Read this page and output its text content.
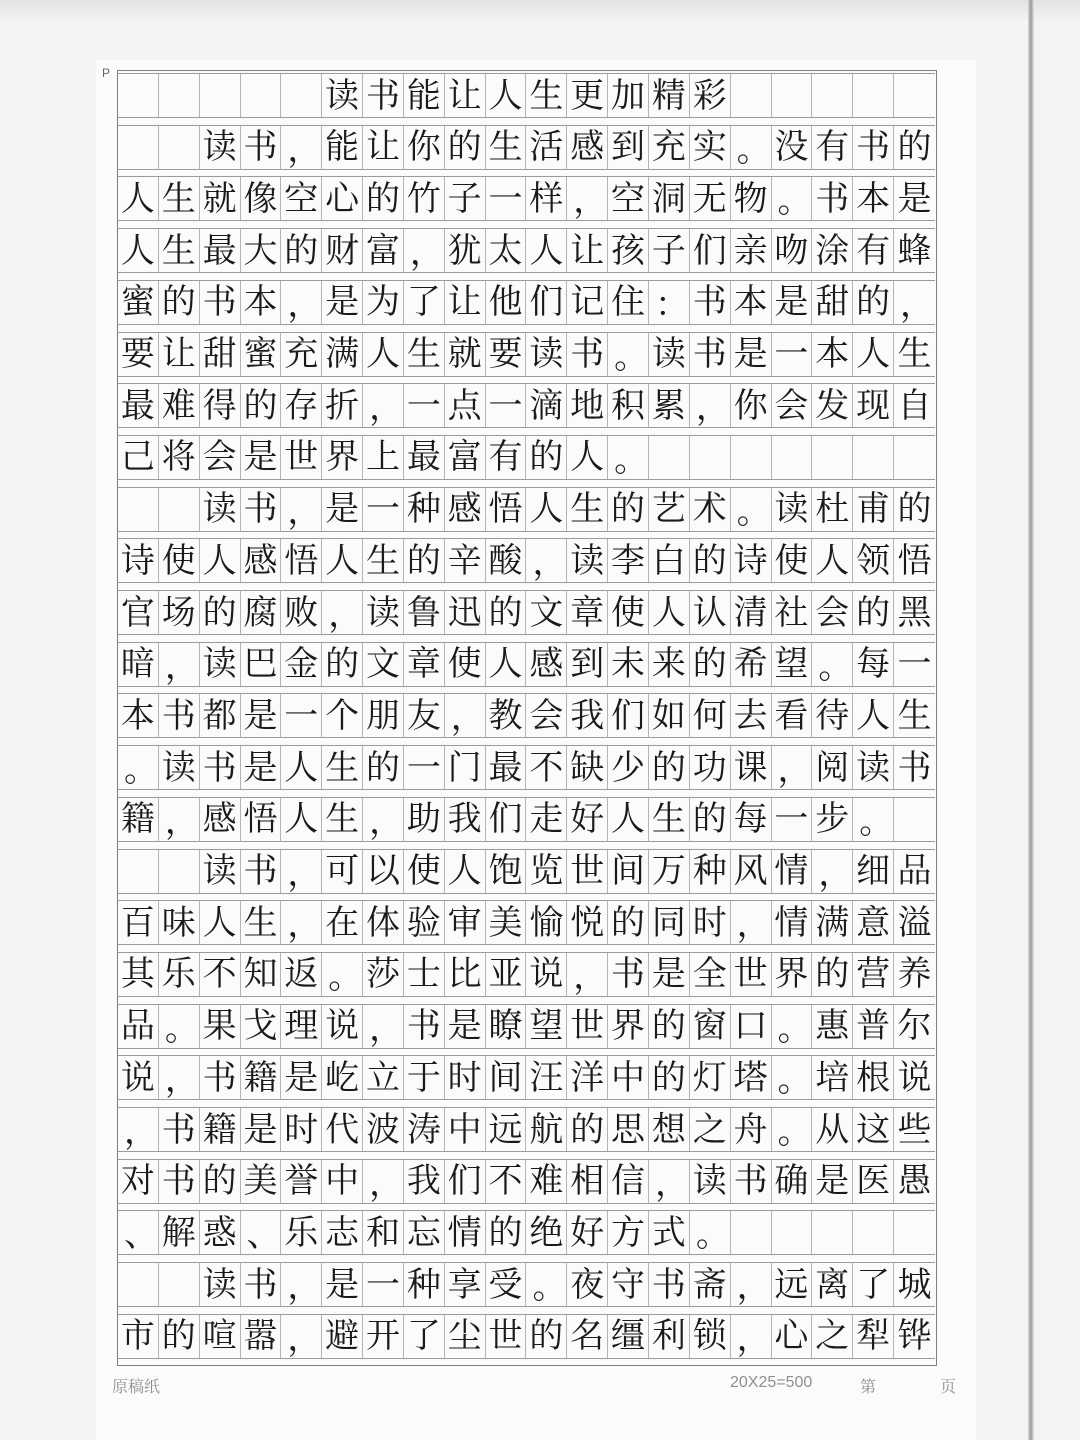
P
读 书 能 让 人 生 更 加 精 彩
读 书 ， 能 让 你 的 生 活 感 到 充 实 。 没 有 书 的
人 生 就 像 空 心 的 竹 子 一 样 ， 空 洞 无 物 。 书 本 是
人 生 最 大 的 财 富 ， 犹 太 人 让 孩 子 们 亲 吻 涂 有 蜂
蜜 的 书 本 ， 是 为 了 让 他 们 记 住 ： 书 本 是 甜 的 ，
要 让 甜 蜜 充 满 人 生 就 要 读 书 。 读 书 是 一 本 人 生
最 难 得 的 存 折 ， 一 点 一 滴 地 积 累 ， 你 会 发 现 自
己 将 会 是 世 界 上 最 富 有 的 人 。
读 书 ， 是 一 种 感 悟 人 生 的 艺 术 。 读 杜 甫 的
诗 使 人 感 悟 人 生 的 辛 酸 ， 读 李 白 的 诗 使 人 领 悟
官 场 的 腐 败 ， 读 鲁 迅 的 文 章 使 人 认 清 社 会 的 黑
暗 ， 读 巴 金 的 文 章 使 人 感 到 未 来 的 希 望 。 每 一
本 书 都 是 一 个 朋 友 ， 教 会 我 们 如 何 去 看 待 人 生
。 读 书 是 人 生 的 一 门 最 不 缺 少 的 功 课 ， 阅 读 书
籍 ， 感 悟 人 生 ， 助 我 们 走 好 人 生 的 每 一 步 。
读 书 ， 可 以 使 人 饱 览 世 间 万 种 风 情 ， 细 品
百 味 人 生 ， 在 体 验 审 美 愉 悦 的 同 时 ， 情 满 意 溢
其 乐 不 知 返 。 莎 士 比 亚 说 ， 书 是 全 世 界 的 营 养
品 。 果 戈 理 说 ， 书 是 瞭 望 世 界 的 窗 口 。 惠 普 尔
说 ， 书 籍 是 屹 立 于 时 间 汪 洋 中 的 灯 塔 。 培 根 说
， 书 籍 是 时 代 波 涛 中 远 航 的 思 想 之 舟 。 从 这 些
对 书 的 美 誉 中 ， 我 们 不 难 相 信 ， 读 书 确 是 医 愚
、 解 惑 、 乐 志 和 忘 情 的 绝 好 方 式 。
读 书 ， 是 一 种 享 受 。 夜 守 书 斋 ， 远 离 了 城
市 的 喧 嚣 ， 避 开 了 尘 世 的 名 缰 利 锁 ， 心 之 犁 铧
原稿纸	20X25=500	第	页
